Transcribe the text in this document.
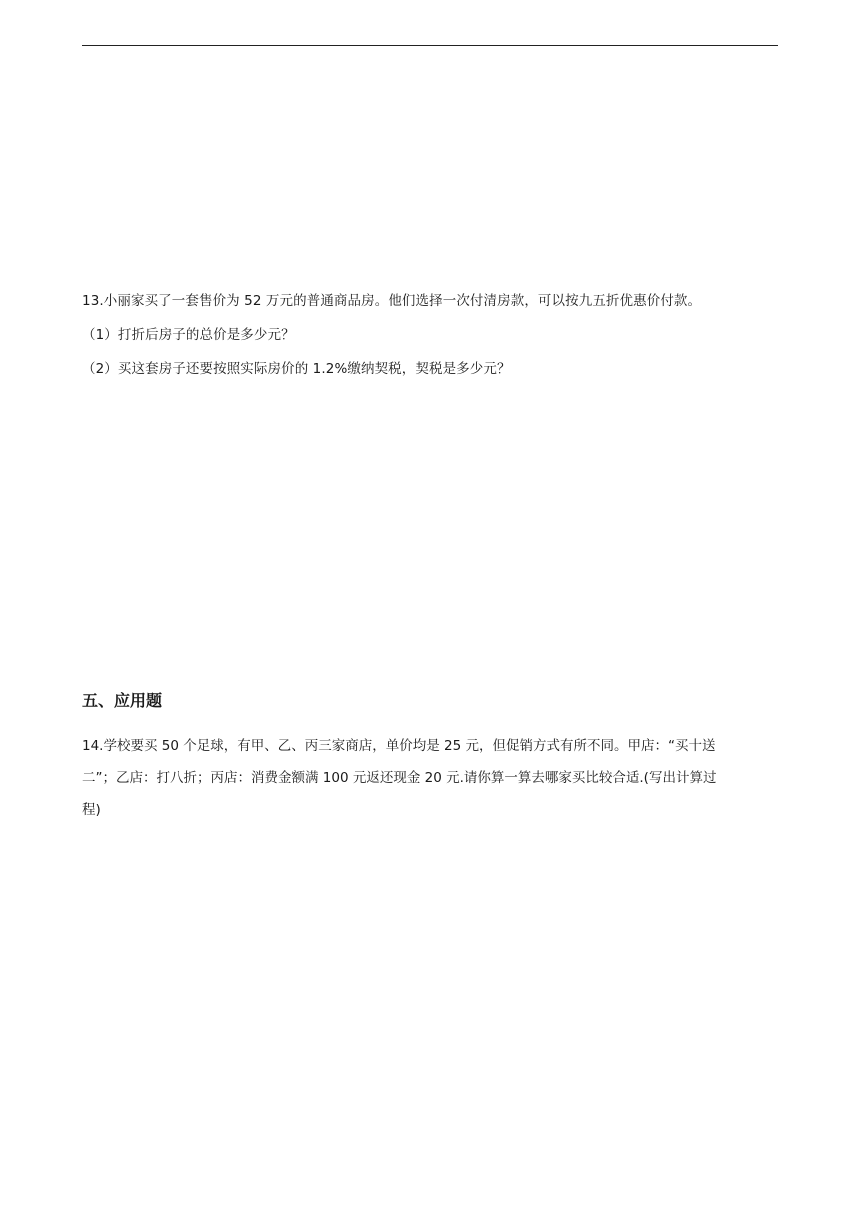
13.小丽家买了一套售价为 52 万元的普通商品房。他们选择一次付清房款，可以按九五折优惠价付款。
（1）打折后房子的总价是多少元？
（2）买这套房子还要按照实际房价的 1.2%缴纳契税，契税是多少元？
五、应用题
14.学校要买 50 个足球，有甲、乙、丙三家商店，单价均是 25 元，但促销方式有所不同。甲店：“买十送
二”；乙店：打八折；丙店：消费金额满 100 元返还现金 20 元.请你算一算去哪家买比较合适.(写出计算过
程)
